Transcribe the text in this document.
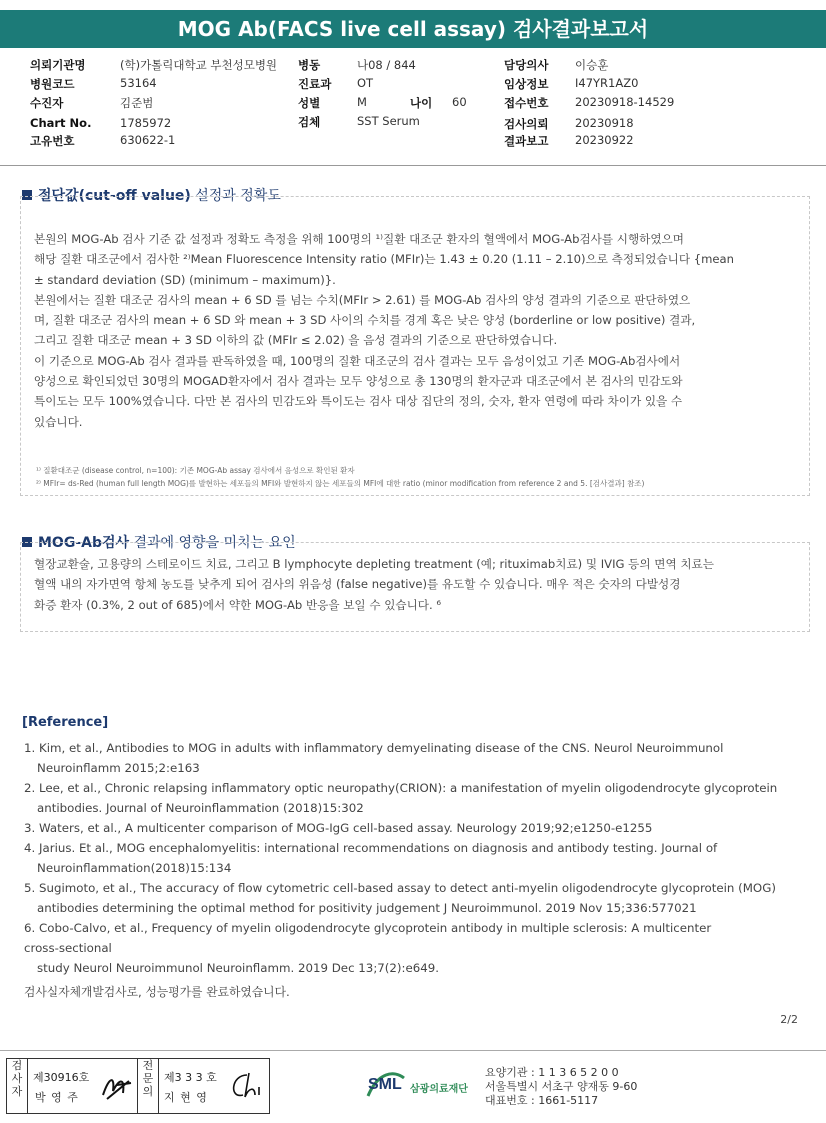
MOG Ab(FACS live cell assay) 검사결과보고서
의뢰기관명	(학)가톨릭대학교 부천성모병원 병동	나08 / 844	담당의사 이승훈
병원코드	53164	진료과 OT	임상정보 I47YR1AZ0
수진자	김준범	성별	M	나이 60	접수번호 20230918-14529
Chart No. 1785972	검체	SST Serum	검사의뢰 20230918
고유번호	630622-1	결과보고 20230922
절단값(cut-off value) 설정과 정확도
본원의 MOG-Ab 검사 기준 값 설정과 정확도 측정을 위해 100명의 ¹⁾질환 대조군 환자의 혈액에서 MOG-Ab검사를 시행하였으며
해당 질환 대조군에서 검사한 ²⁾Mean Fluorescence Intensity ratio (MFIr)는 1.43 ± 0.20 (1.11 – 2.10)으로 측정되었습니다 {mean
± standard deviation (SD) (minimum – maximum)}.
본원에서는 질환 대조군 검사의 mean + 6 SD 를 넘는 수치(MFIr > 2.61) 를 MOG-Ab 검사의 양성 결과의 기준으로 판단하였으
며, 질환 대조군 검사의 mean + 6 SD 와 mean + 3 SD 사이의 수치를 경계 혹은 낮은 양성 (borderline or low positive) 결과,
그리고 질환 대조군 mean + 3 SD 이하의 값 (MFIr ≤ 2.02) 을 음성 결과의 기준으로 판단하였습니다.
이 기준으로 MOG-Ab 검사 결과를 판독하였을 때, 100명의 질환 대조군의 검사 결과는 모두 음성이었고 기존 MOG-Ab검사에서
양성으로 확인되었던 30명의 MOGAD환자에서 검사 결과는 모두 양성으로 총 130명의 환자군과 대조군에서 본 검사의 민감도와
특이도는 모두 100%였습니다. 다만 본 검사의 민감도와 특이도는 검사 대상 집단의 정의, 숫자, 환자 연령에 따라 차이가 있을 수
있습니다.
¹⁾ 질환대조군 (disease control, n=100): 기존 MOG-Ab assay 검사에서 음성으로 확인된 환자
²⁾ MFIr= ds-Red (human full length MOG)를 발현하는 세포들의 MFI와 발현하지 않는 세포들의 MFI에 대한 ratio (minor modification from reference 2 and 5. [검사결과] 참조)
MOG-Ab검사 결과에 영향을 미치는 요인
혈장교환술, 고용량의 스테로이드 치료, 그리고 B lymphocyte depleting treatment (예; rituximab치료) 및 IVIG 등의 면역 치료는
혈액 내의 자가면역 항체 농도를 낮추게 되어 검사의 위음성 (false negative)를 유도할 수 있습니다. 매우 적은 숫자의 다발성경
화증 환자 (0.3%, 2 out of 685)에서 약한 MOG-Ab 반응을 보일 수 있습니다. ⁶
[Reference]
1. Kim, et al., Antibodies to MOG in adults with inflammatory demyelinating disease of the CNS. Neurol Neuroimmunol
Neuroinflamm 2015;2:e163
2. Lee, et al., Chronic relapsing inflammatory optic neuropathy(CRION): a manifestation of myelin oligodendrocyte glycoprotein
antibodies. Journal of Neuroinflammation (2018)15:302
3. Waters, et al., A multicenter comparison of MOG-IgG cell-based assay. Neurology 2019;92;e1250-e1255
4. Jarius. Et al., MOG encephalomyelitis: international recommendations on diagnosis and antibody testing. Journal of
Neuroinflammation(2018)15:134
5. Sugimoto, et al., The accuracy of flow cytometric cell-based assay to detect anti-myelin oligodendrocyte glycoprotein (MOG)
antibodies determining the optimal method for positivity judgement J Neuroimmunol. 2019 Nov 15;336:577021
6. Cobo-Calvo, et al., Frequency of myelin oligodendrocyte glycoprotein antibody in multiple sclerosis: A multicenter
cross-sectional
study Neurol Neuroimmunol Neuroinflamm. 2019 Dec 13;7(2):e649.
검사실자체개발검사로, 성능평가를 완료하였습니다.
2/2
검사자
제30916호
박 영 주
전문의
제3 3 3 호
지 현 영
SML 삼광의료재단
요양기관 : 1 1 3 6 5 2 0 0
서울특별시 서초구 양재동 9-60
대표번호 : 1661-5117
